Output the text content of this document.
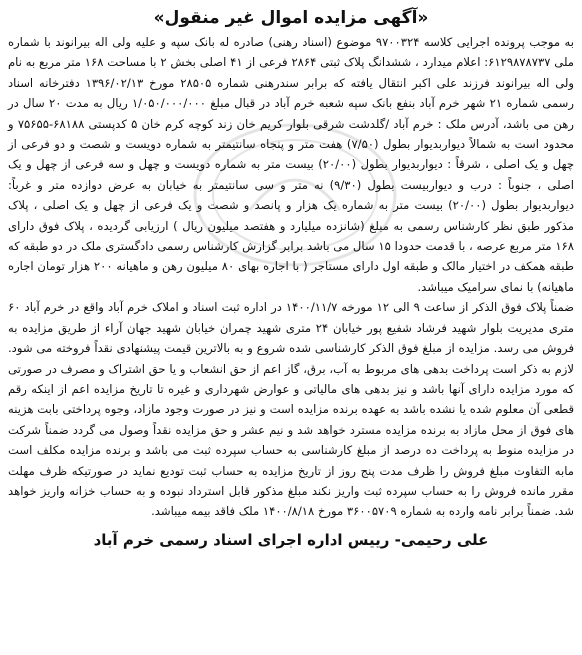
«آگهی مزایده اموال غیر منقول»

به موجب پرونده اجرایی کلاسه ۹۷۰۰۳۲۴ موضوع (اسناد رهنی) صادره له بانک سپه و علیه ولی اله بیرانوند با شماره ملی ۶۱۲۹۸۷۸۷۳۷: اعلام میدارد ، ششدانگ پلاک ثبتی ۲۸۶۴ فرعی از ۴۱ اصلی بخش ۲ با مساحت ۱۶۸ متر مربع به نام ولی اله بیرانوند فرزند علی اکبر انتقال یافته که برابر سندرهنی شماره ۲۸۵۰۵ مورخ ۱۳۹۶/۰۲/۱۳ دفترخانه اسناد رسمی شماره ۲۱ شهر خرم آباد بنفع بانک سپه شعبه خرم آباد در قبال مبلغ ۱/۰۵۰/۰۰۰/۰۰۰ ریال به مدت ۲۰ سال در رهن می باشد، آدرس ملک : خرم آباد /گلدشت شرقی بلوار کریم خان زند کوچه کرم خان ۵ کدپستی ۶۸۱۸۸-۷۵۶۵۵ و محدود است به شمالاً دیواربدیوار بطول (۷/۵۰) هفت متر و پنجاه سانتیمتر به شماره دویست و شصت و دو فرعی از چهل و یک اصلی ، شرقاً : دیواربدیوار بطول (۲۰/۰۰) بیست متر به شماره دویست و چهل و سه فرعی از چهل و یک اصلی ، جنوباً : درب و دیواربیست بطول (۹/۳۰) نه متر و سی سانتیمتر به خیابان به عرض دوازده متر و غرباً: دیواربدیوار بطول (۲۰/۰۰) بیست متر به شماره یک هزار و پانصد و شصت و یک فرعی از چهل و یک اصلی ، پلاک مذکور طبق نظر کارشناس رسمی به مبلغ (شانزده میلیارد و هفتصد میلیون ریال ) ارزیابی گردیده ، پلاک فوق دارای ۱۶۸ متر مربع عرصه ، با قدمت حدودا ۱۵ سال می باشد برابر گزارش کارشناس رسمی دادگستری ملک در دو طبقه که طبقه همکف در اختیار مالک و طبقه اول دارای مستاجر ( با اجاره بهای ۸۰ میلیون رهن و ماهیانه ۲۰۰ هزار تومان اجاره ماهیانه) با نمای سرامیک میباشد.

ضمناً پلاک فوق الذکر از ساعت ۹ الی ۱۲ مورخه ۱۴۰۰/۱۱/۷ در اداره ثبت اسناد و املاک خرم آباد واقع در خرم آباد ۶۰ متری مدیریت بلوار شهید فرشاد شفیع پور خیابان ۲۴ متری شهید چمران خیابان شهید جهان آراء از طریق مزایده به فروش می رسد. مزایده از مبلغ فوق الذکر کارشناسی شده شروع و به بالاترین قیمت پیشنهادی نقداً فروخته می شود. لازم به ذکر است پرداخت بدهی های مربوط به آب، برق، گاز اعم از حق انشعاب و یا حق اشتراک و مصرف در صورتی که مورد مزایده دارای آنها باشد و نیز بدهی های مالیاتی و عوارض شهرداری و غیره تا تاریخ مزایده اعم از اینکه رقم قطعی آن معلوم شده یا نشده باشد به عهده برنده مزایده است و نیز در صورت وجود مازاد، وجوه پرداختی بابت هزینه های فوق از محل مازاد به برنده مزایده مسترد خواهد شد و نیم عشر و حق مزایده نقداً وصول می گردد ضمناً شرکت در مزایده منوط به پرداخت ده درصد از مبلغ کارشناسی به حساب سپرده ثبت می باشد و برنده مزایده مکلف است مابه التفاوت مبلغ فروش را ظرف مدت پنج روز از تاریخ مزایده به حساب ثبت تودیع نماید در صورتیکه ظرف مهلت مقرر مانده فروش را به حساب سپرده ثبت واریز نکند مبلغ مذکور قابل استرداد نبوده و به حساب خزانه واریز خواهد شد. ضمناً برابر نامه وارده به شماره ۳۶۰۰۵۷۰۹ مورخ ۱۴۰۰/۸/۱۸ ملک فاقد بیمه میباشد.

علی رحیمی- رییس اداره اجرای اسناد رسمی خرم آباد
